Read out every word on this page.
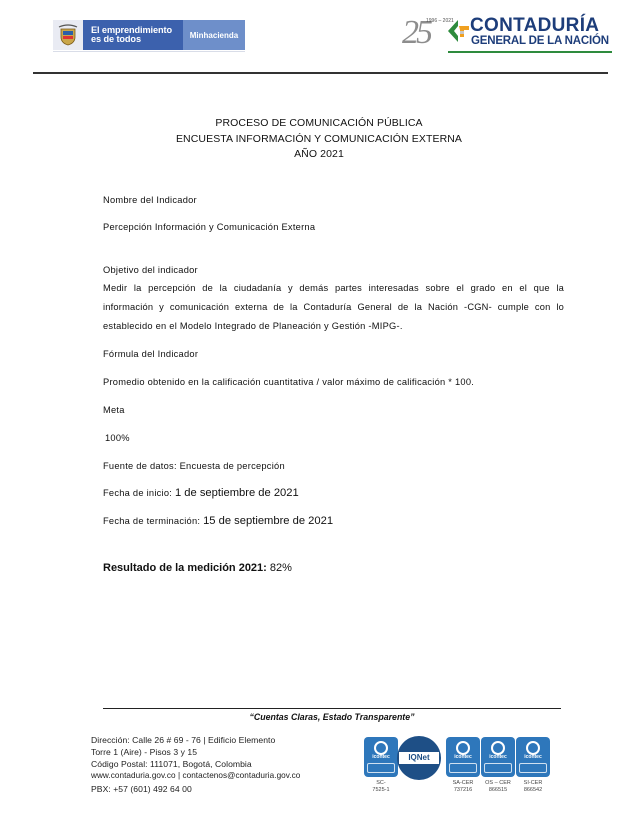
El emprendimiento
es de todos	Minhacienda	25
1996 – 2021 CONTADURÍA
GENERAL DE LA NACIÓN
PROCESO DE COMUNICACIÓN PÚBLICA
ENCUESTA INFORMACIÓN Y COMUNICACIÓN EXTERNA
AÑO 2021
Nombre del Indicador
Percepción Información y Comunicación Externa
Objetivo del indicador
Medir la percepción de la ciudadanía y demás partes interesadas sobre el grado en el que la
información y comunicación externa de la Contaduría General de la Nación -CGN- cumple con lo
establecido en el Modelo Integrado de Planeación y Gestión -MIPG-.
Fórmula del Indicador
Promedio obtenido en la calificación cuantitativa / valor máximo de calificación * 100.
Meta
100%
Fuente de datos: Encuesta de percepción
Fecha de inicio: 1 de septiembre de 2021
Fecha de terminación: 15 de septiembre de 2021
Resultado de la medición 2021: 82%
“Cuentas Claras, Estado Transparente”
Dirección: Calle 26 # 69 - 76 | Edificio Elemento
Torre 1 (Aire) - Pisos 3 y 15
Código Postal: 111071, Bogotá, Colombia
www.contaduria.gov.co | contactenos@contaduria.gov.co
PBX: +57 (601) 492 64 00
icontec
SC-
7525-1
IQNet	icontec
SA-CER
737216
icontec
OS – CER
866515
icontec
SI-CER
866542
